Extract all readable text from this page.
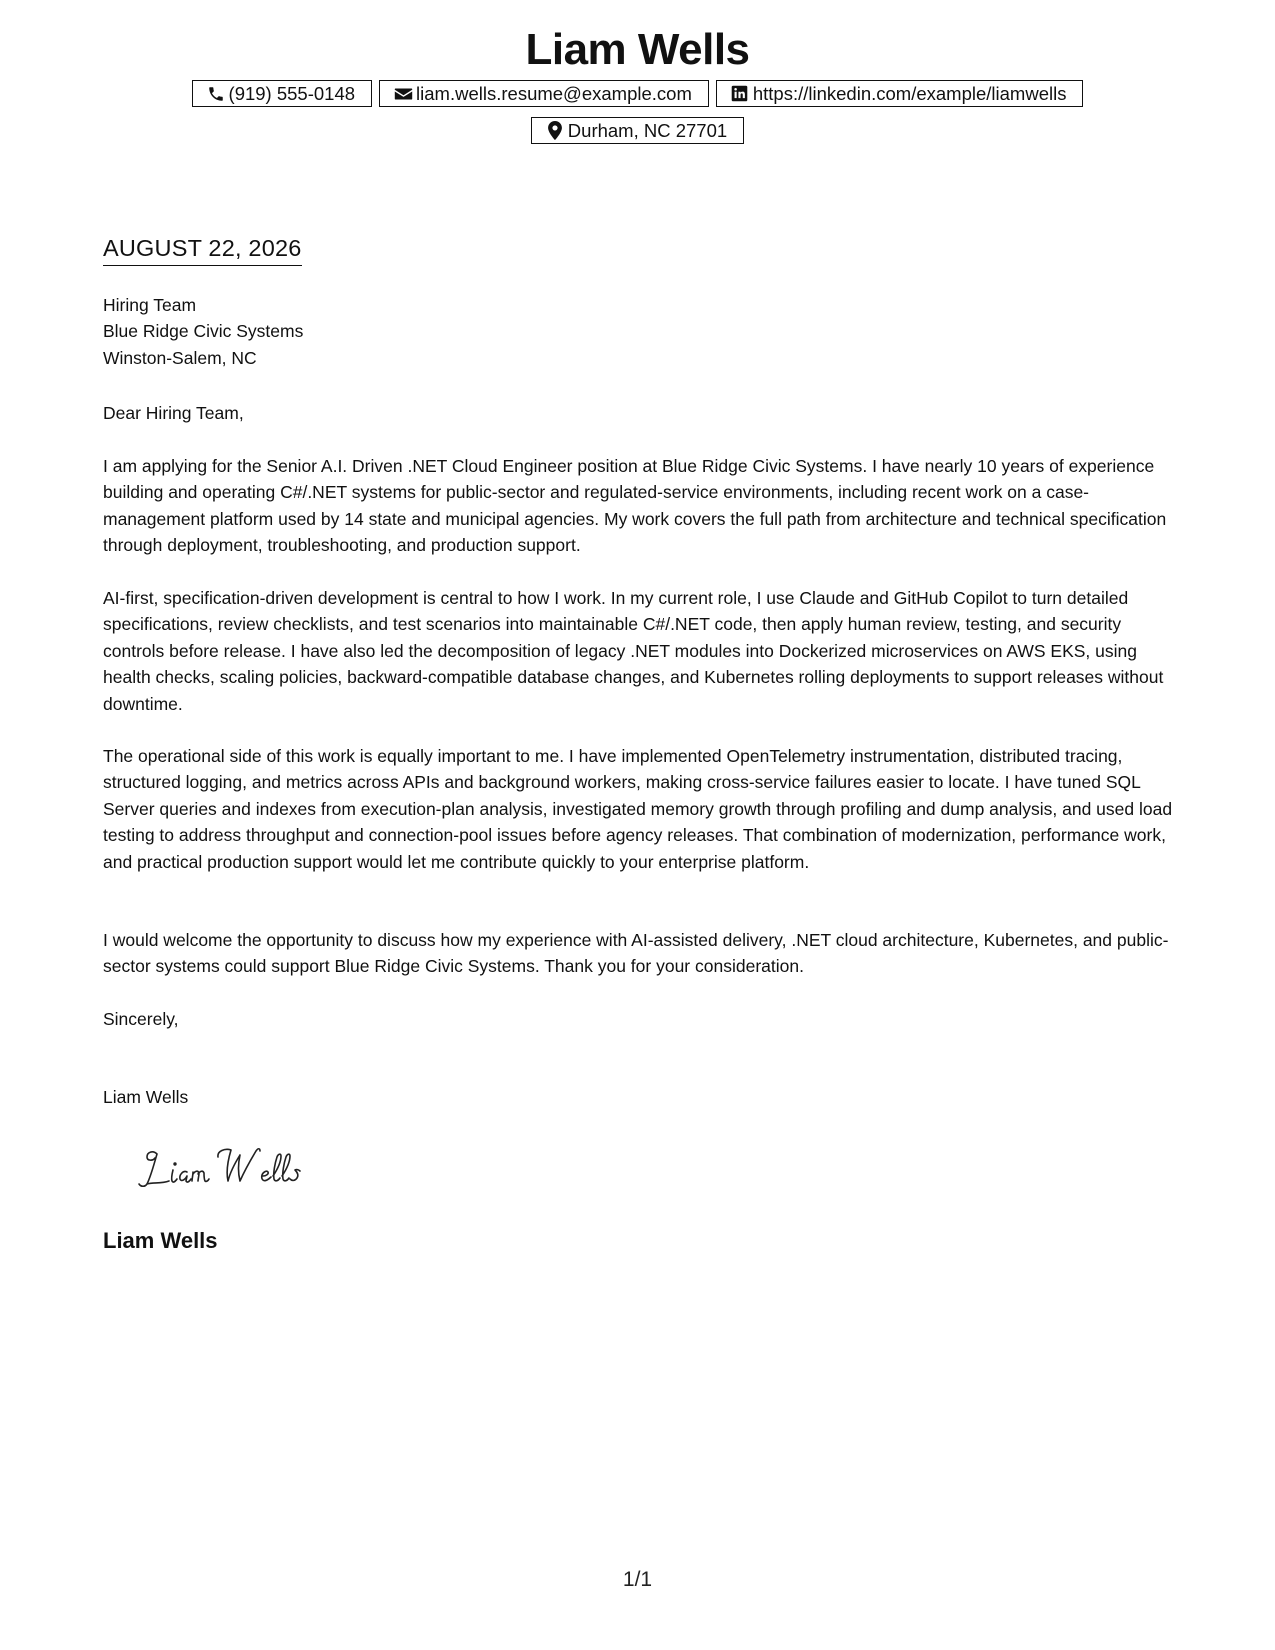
Liam Wells
(919) 555-0148	liam.wells.resume@example.com	https://linkedin.com/example/liamwells
Durham, NC 27701
AUGUST 22, 2026
Hiring Team
Blue Ridge Civic Systems
Winston-Salem, NC
Dear Hiring Team,

I am applying for the Senior A.I. Driven .NET Cloud Engineer position at Blue Ridge Civic Systems. I have nearly 10 years of experience building and operating C#/.NET systems for public-sector and regulated-service environments, including recent work on a case-management platform used by 14 state and municipal agencies. My work covers the full path from architecture and technical specification through deployment, troubleshooting, and production support.

AI-first, specification-driven development is central to how I work. In my current role, I use Claude and GitHub Copilot to turn detailed specifications, review checklists, and test scenarios into maintainable C#/.NET code, then apply human review, testing, and security controls before release. I have also led the decomposition of legacy .NET modules into Dockerized microservices on AWS EKS, using health checks, scaling policies, backward-compatible database changes, and Kubernetes rolling deployments to support releases without downtime.

The operational side of this work is equally important to me. I have implemented OpenTelemetry instrumentation, distributed tracing, structured logging, and metrics across APIs and background workers, making cross-service failures easier to locate. I have tuned SQL Server queries and indexes from execution-plan analysis, investigated memory growth through profiling and dump analysis, and used load testing to address throughput and connection-pool issues before agency releases. That combination of modernization, performance work, and practical production support would let me contribute quickly to your enterprise platform.

I would welcome the opportunity to discuss how my experience with AI-assisted delivery, .NET cloud architecture, Kubernetes, and public-sector systems could support Blue Ridge Civic Systems. Thank you for your consideration.

Sincerely,
Liam Wells
Liam Wells
1/1
